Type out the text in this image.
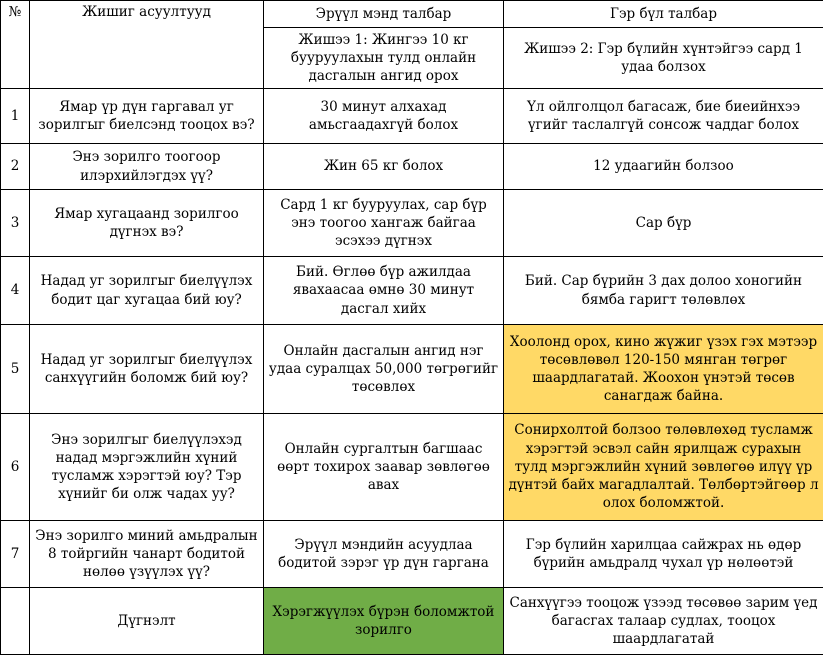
№	Жишиг асуултууд	Эрүүл мэнд талбар	Гэр бүл талбар
		Жишээ 1: Жингээ 10 кг бууруулахын тулд онлайн дасгалын ангид орох	Жишээ 2: Гэр бүлийн хүнтэйгээ сард 1 удаа болзох
1	Ямар үр дүн гаргавал уг зорилгыг биелсэнд тооцох вэ?	30 минут алхахад амьсгаадахгүй болох	Үл ойлголцол багасаж, бие биеийнхээ үгийг таслалгүй сонсож чаддаг болох
2	Энэ зорилго тоогоор илэрхийлэгдэх үү?	Жин 65 кг болох	12 удаагийн болзоо
3	Ямар хугацаанд зорилгоо дүгнэх вэ?	Сард 1 кг бууруулах, сар бүр энэ тоогоо хангаж байгаа эсэхээ дүгнэх	Сар бүр
4	Надад уг зорилгыг биелүүлэх бодит цаг хугацаа бий юу?	Бий. Өглөө бүр ажилдаа явахаасаа өмнө 30 минут дасгал хийх	Бий. Сар бүрийн 3 дах долоо хоногийн бямба гаригт төлөвлөх
5	Надад уг зорилгыг биелүүлэх санхүүгийн боломж бий юу?	Онлайн дасгалын ангид нэг удаа суралцах 50,000 төгрөгийг төсөвлөх	Хоолонд орох, кино жүжиг үзэх гэх мэтээр төсөвлөвөл 120-150 мянган төгрөг шаардлагатай. Жоохон үнэтэй төсөв санагдаж байна.
6	Энэ зорилгыг биелүүлэхэд надад мэргэжлийн хүний тусламж хэрэгтэй юу? Тэр хүнийг би олж чадах уу?	Онлайн сургалтын багшаас өөрт тохирох заавар зөвлөгөө авах	Сонирхолтой болзоо төлөвлөхөд тусламж хэрэгтэй эсвэл сайн ярилцаж сурахын тулд мэргэжлийн хүний зөвлөгөө илүү үр дүнтэй байх магадлалтай. Төлбөртэйгөөр л олох боломжтой.
7	Энэ зорилго миний амьдралын 8 тойргийн чанарт бодитой нөлөө үзүүлэх үү?	Эрүүл мэндийн асуудлаа бодитой зэрэг үр дүн гаргана	Гэр бүлийн харилцаа сайжрах нь өдөр бүрийн амьдралд чухал үр нөлөөтэй
	Дүгнэлт	Хэрэгжүүлэх бүрэн боломжтой зорилго	Санхүүгээ тооцож үзээд төсөвөө зарим үед багасгах талаар судлах, тооцох шаардлагатай
